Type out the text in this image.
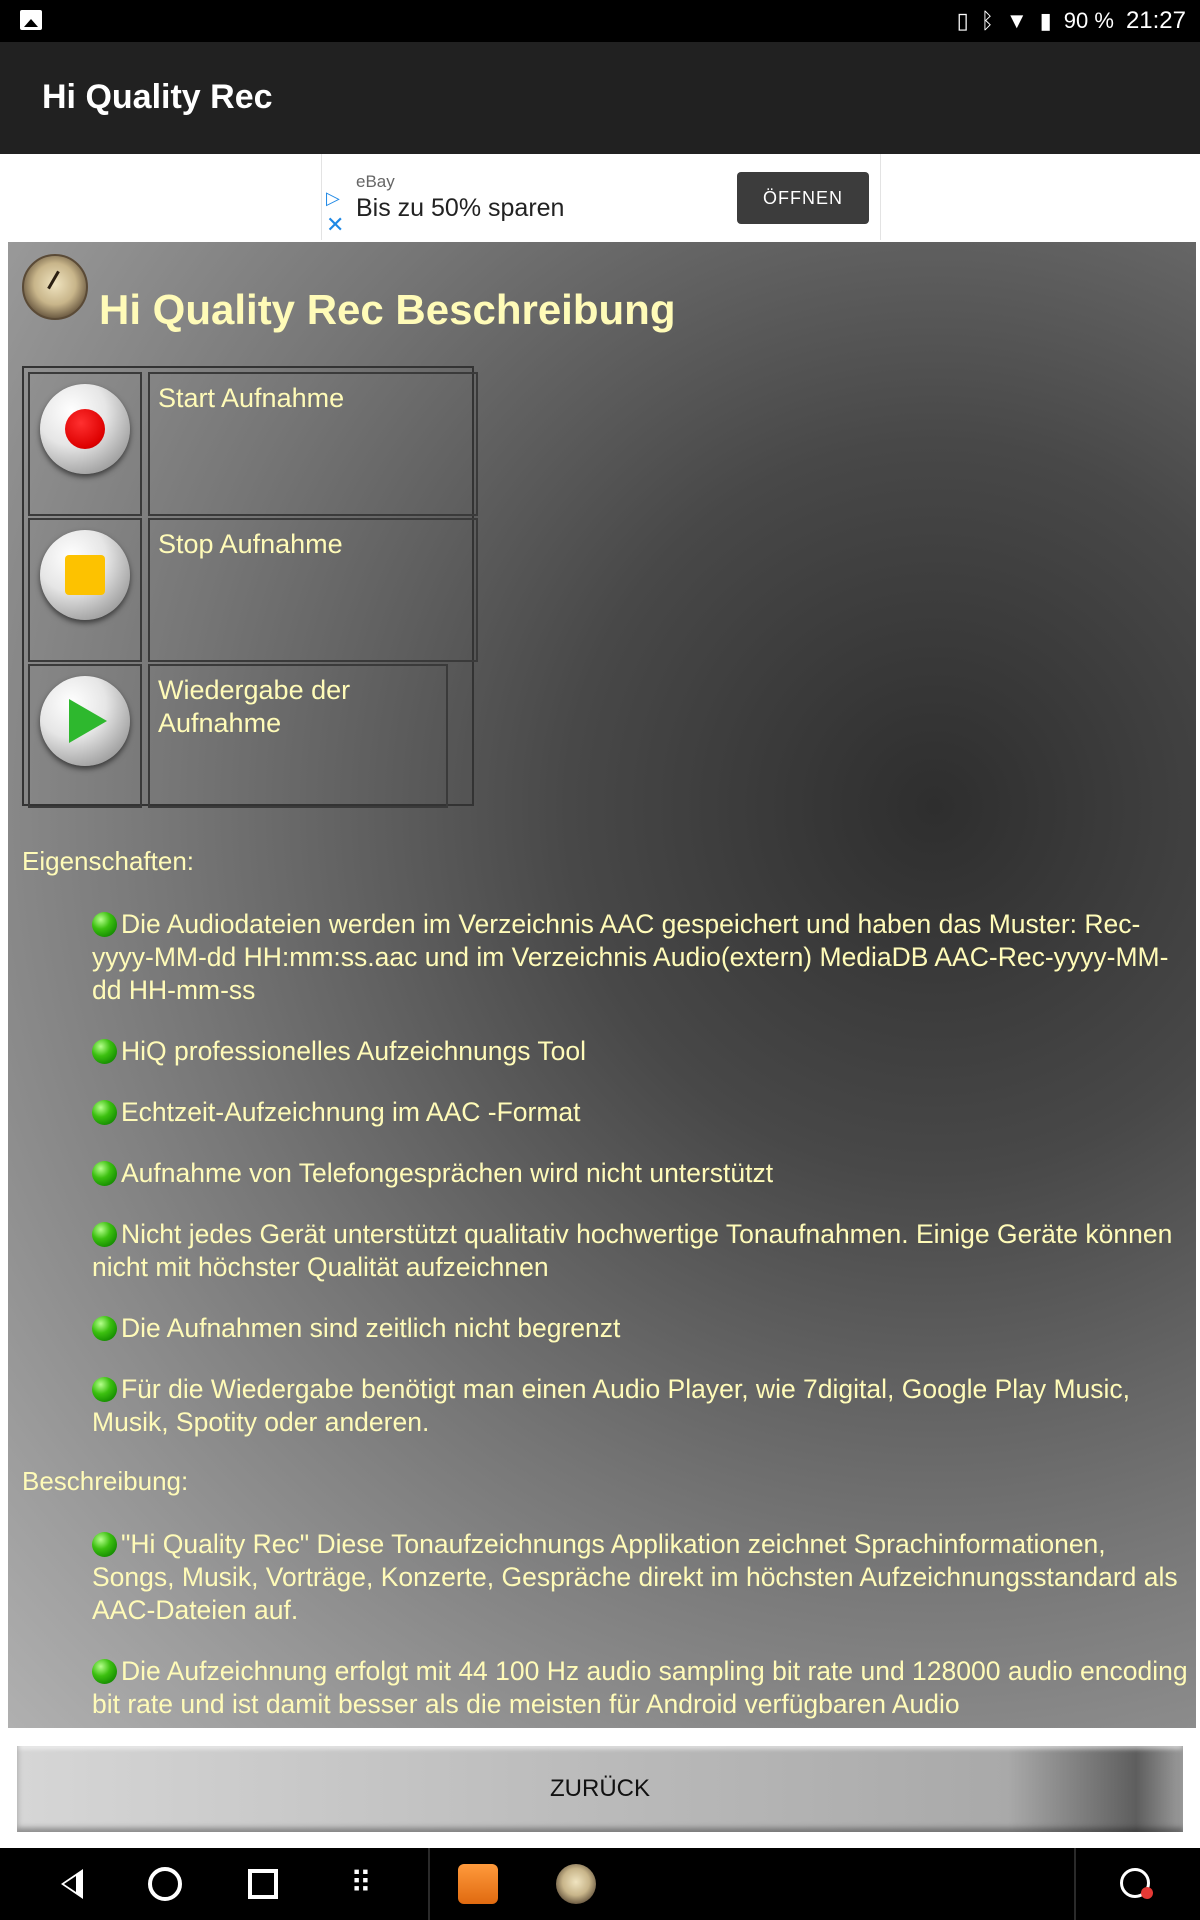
▯ ᛒ ▼ ▮ 90 % 21:27
Hi Quality Rec
▷
✕
eBay
Bis zu 50% sparen	ÖFFNEN
Hi Quality Rec Beschreibung
Start Aufnahme
Stop Aufnahme
Wiedergabe der Aufnahme
Eigenschaften:
Die Audiodateien werden im Verzeichnis AAC gespeichert und haben das Muster: Rec-yyyy-MM-dd HH:mm:ss.aac und im Verzeichnis Audio(extern) MediaDB AAC-Rec-yyyy-MM-dd HH-mm-ss
HiQ professionelles Aufzeichnungs Tool
Echtzeit-Aufzeichnung im AAC -Format
Aufnahme von Telefongesprächen wird nicht unterstützt
Nicht jedes Gerät unterstützt qualitativ hochwertige Tonaufnahmen. Einige Geräte können nicht mit höchster Qualität aufzeichnen
Die Aufnahmen sind zeitlich nicht begrenzt
Für die Wiedergabe benötigt man einen Audio Player, wie 7digital, Google Play Music, Musik, Spotity oder anderen.
Beschreibung:
"Hi Quality Rec" Diese Tonaufzeichnungs Applikation zeichnet Sprachinformationen, Songs, Musik, Vorträge, Konzerte, Gespräche direkt im höchsten Aufzeichnungsstandard als AAC-Dateien auf.
Die Aufzeichnung erfolgt mit 44 100 Hz audio sampling bit rate und 128000 audio encoding bit rate und ist damit besser als die meisten für Android verfügbaren Audio
ZURÜCK
⠿
